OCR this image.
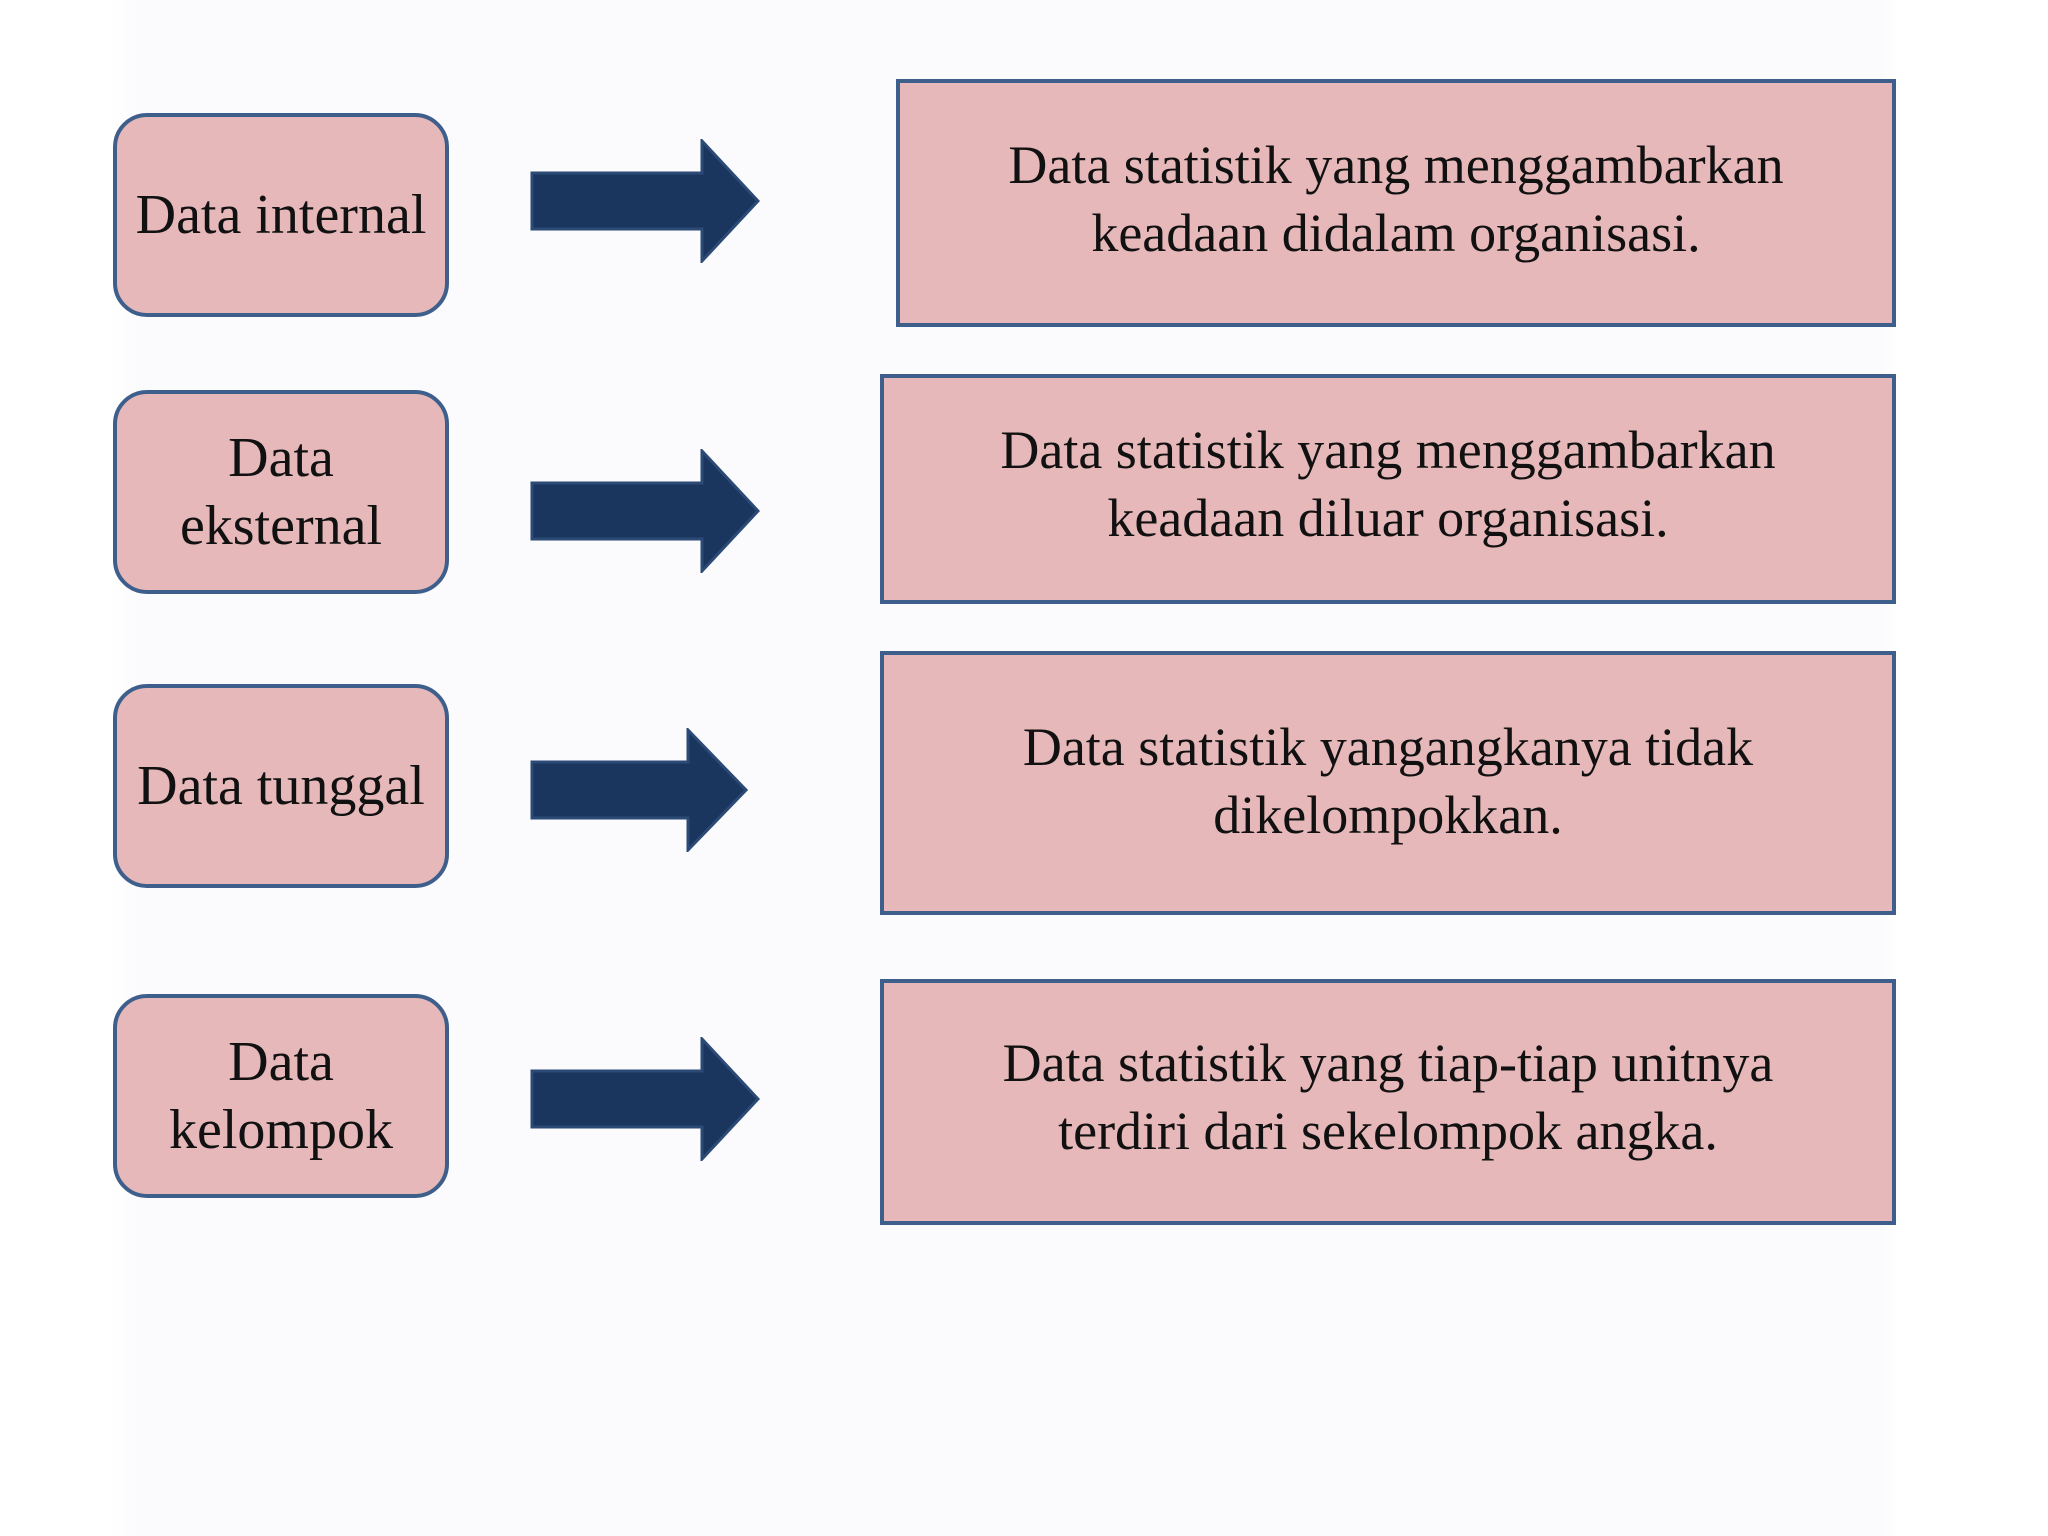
Data internal
Data statistik yang menggambarkan keadaan didalam organisasi.
Data eksternal
Data statistik yang menggambarkan keadaan diluar organisasi.
Data tunggal
Data statistik yangangkanya tidak dikelompokkan.
Data kelompok
Data statistik yang tiap-tiap unitnya terdiri dari sekelompok angka.
